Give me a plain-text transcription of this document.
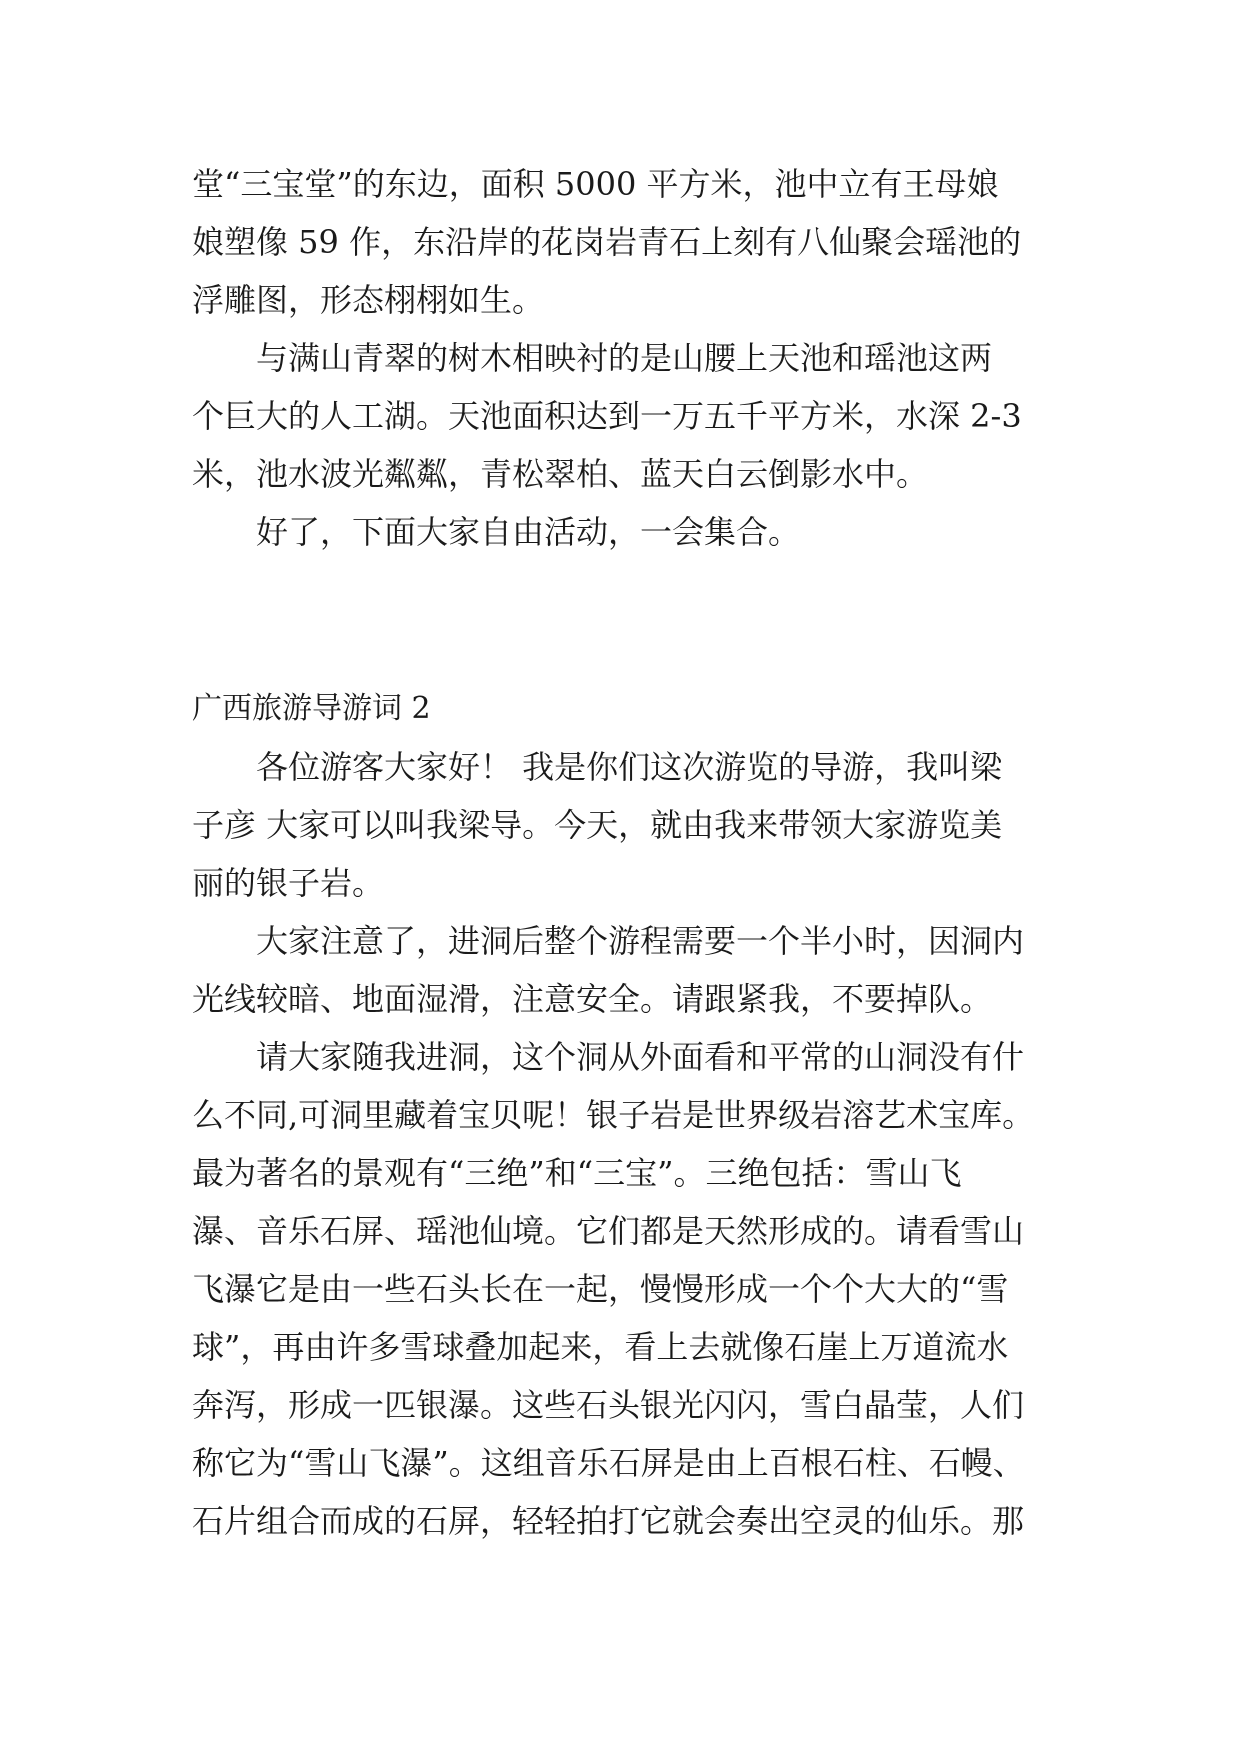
堂“三宝堂”的东边，面积 5000 平方米，池中立有王母娘
娘塑像 59 作，东沿岸的花岗岩青石上刻有八仙聚会瑶池的
浮雕图，形态栩栩如生。
与满山青翠的树木相映衬的是山腰上天池和瑶池这两
个巨大的人工湖。天池面积达到一万五千平方米，水深 2-3
米，池水波光粼粼，青松翠柏、蓝天白云倒影水中。
好了，下面大家自由活动，一会集合。
广西旅游导游词 2
各位游客大家好！ 我是你们这次游览的导游，我叫梁
子彦 大家可以叫我梁导。今天，就由我来带领大家游览美
丽的银子岩。
大家注意了，进洞后整个游程需要一个半小时，因洞内
光线较暗、地面湿滑，注意安全。请跟紧我，不要掉队。
请大家随我进洞，这个洞从外面看和平常的山洞没有什
么不同,可洞里藏着宝贝呢！银子岩是世界级岩溶艺术宝库。
最为著名的景观有“三绝”和“三宝”。三绝包括：雪山飞
瀑、音乐石屏、瑶池仙境。它们都是天然形成的。请看雪山
飞瀑它是由一些石头长在一起，慢慢形成一个个大大的“雪
球”，再由许多雪球叠加起来，看上去就像石崖上万道流水
奔泻，形成一匹银瀑。这些石头银光闪闪，雪白晶莹，人们
称它为“雪山飞瀑”。这组音乐石屏是由上百根石柱、石幔、
石片组合而成的石屏，轻轻拍打它就会奏出空灵的仙乐。那
